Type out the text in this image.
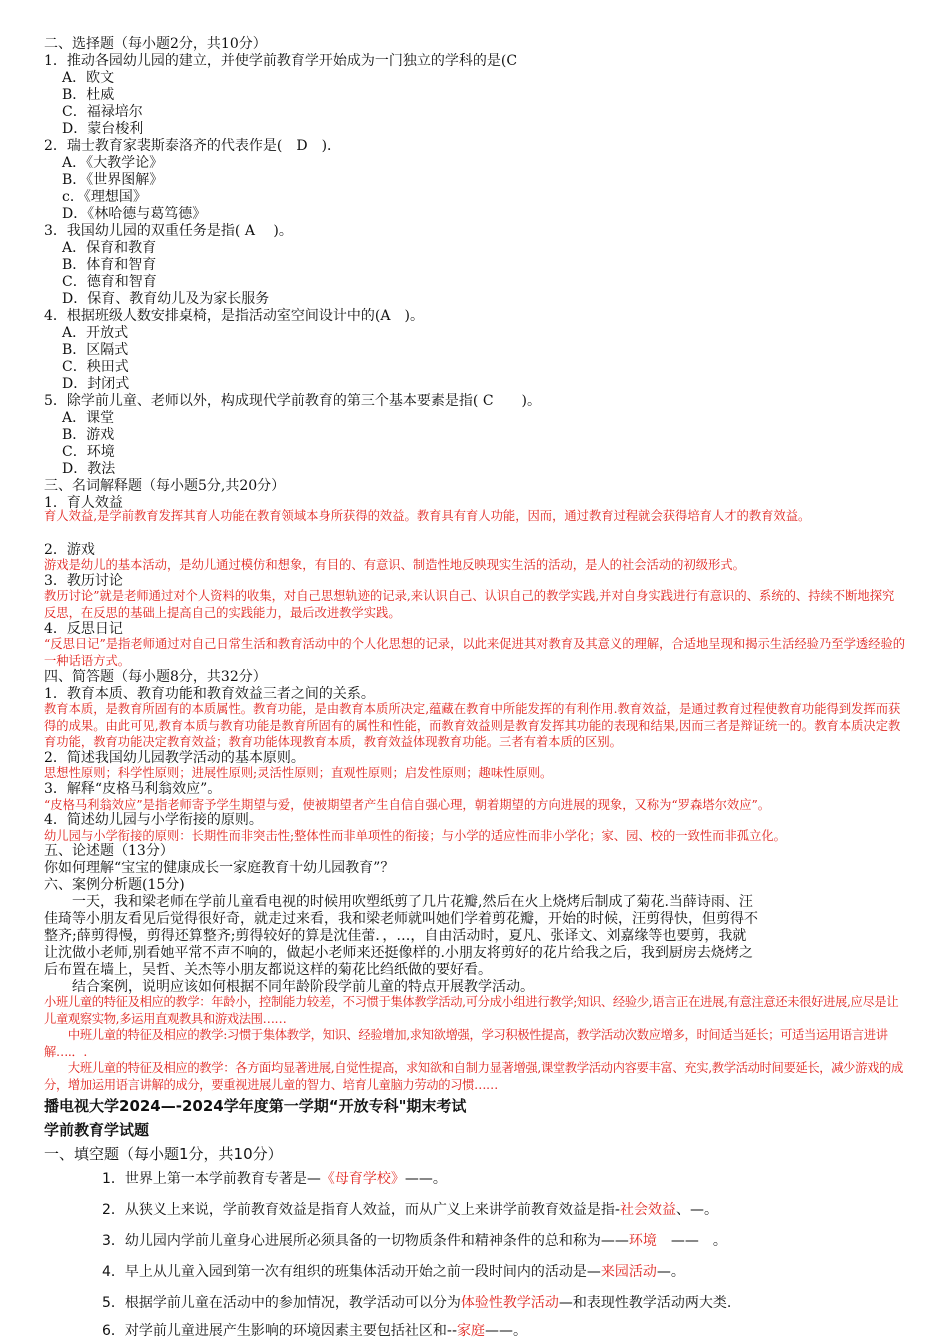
二、选择题（每小题2分，共10分）
1．推动各园幼儿园的建立，并使学前教育学开始成为一门独立的学科的是(C
A．欧文
B．杜威
C．福禄培尔
D．蒙台梭利
2．瑞士教育家裴斯泰洛齐的代表作是(　D　)．
A．《大教学论》
B．《世界图解》
c．《理想国》
D．《林哈德与葛笃德》
3．我国幼儿园的双重任务是指( A　 )。
A．保育和教育
B．体育和智育
C．德育和智育
D．保育、教育幼儿及为家长服务
4．根据班级人数安排桌椅，是指活动室空间设计中的(A　)。
A．开放式
B．区隔式
C．秧田式
D．封闭式
5．除学前儿童、老师以外，构成现代学前教育的第三个基本要素是指( C　　)。
A．课堂
B．游戏
C．环境
D．教法
三、名词解释题（每小题5分,共20分）
1．育人效益
育人效益,是学前教育发挥其育人功能在教育领域本身所获得的效益。教育具有育人功能，因而，通过教育过程就会获得培育人才的教育效益。
2．游戏
游戏是幼儿的基本活动，是幼儿通过模仿和想象，有目的、有意识、制造性地反映现实生活的活动，是人的社会活动的初级形式。
3．教历讨论
教历讨论”就是老师通过对个人资料的收集，对自己思想轨迹的记录,来认识自己、认识自己的教学实践,并对自身实践进行有意识的、系统的、持续不断地探究反思，在反思的基础上提高自己的实践能力，最后改进教学实践。
4．反思日记
“反思日记”是指老师通过对自己日常生活和教育活动中的个人化思想的记录，以此来促进其对教育及其意义的理解，合适地呈现和揭示生活经验乃至学透经验的一种话语方式。
四、简答题（每小题8分，共32分）
1．教育本质、教育功能和教育效益三者之间的关系。
教育本质，是教育所固有的本质属性。教育功能，是由教育本质所决定,蕴藏在教育中所能发挥的有利作用.教育效益，是通过教育过程使教育功能得到发挥而获得的成果。由此可见,教育本质与教育功能是教育所固有的属性和性能，而教育效益则是教育发挥其功能的表现和结果,因而三者是辩证统一的。教育本质决定教育功能，教育功能决定教育效益；教育功能体现教育本质，教育效益体现教育功能。三者有着本质的区别。
2．简述我国幼儿园教学活动的基本原则。
思想性原则；科学性原则；进展性原则;灵活性原则；直观性原则；启发性原则；趣味性原则。
3．解释“皮格马利翁效应”。
“皮格马利翁效应”是指老师寄予学生期望与爱，使被期望者产生自信自强心理，朝着期望的方向进展的现象，又称为“罗森塔尔效应”。
4．简述幼儿园与小学衔接的原则。
幼儿园与小学衔接的原则：长期性而非突击性;整体性而非单项性的衔接；与小学的适应性而非小学化；家、园、校的一致性而非孤立化。
五、论述题（13分）
你如何理解“宝宝的健康成长一家庭教育十幼儿园教育”？
六、案例分析题(15分)
　　一天，我和梁老师在学前儿童看电视的时候用吹塑纸剪了几片花瓣,然后在火上烧烤后制成了菊花.当薛诗雨、汪
佳琦等小朋友看见后觉得很好奇，就走过来看，我和梁老师就叫她们学着剪花瓣，开始的时候，汪剪得快，但剪得不
整齐;薛剪得慢，剪得还算整齐;剪得较好的算是沈佳蕾．，…，自由活动时，夏凡、张译文、刘嘉缘等也要剪，我就
让沈做小老师,别看她平常不声不响的，做起小老师来还挺像样的.小朋友将剪好的花片给我之后，我到厨房去烧烤之
后布置在墙上，吴哲、关杰等小朋友都说这样的菊花比绉纸做的要好看。
　　结合案例，说明应该如何根据不同年龄阶段学前儿童的特点开展教学活动。
小班儿童的特征及相应的教学：年龄小，控制能力较差，不习惯于集体教学活动,可分成小组进行教学;知识、经验少,语言正在进展,有意注意还未很好进展,应尽是让儿童观察实物,多运用直观教具和游戏法围……
　　中班儿童的特征及相应的教学:习惯于集体教学，知识、经验增加,求知欲增强，学习积极性提高，教学活动次数应增多，时间适当延长；可适当运用语言进讲解….．.
　　大班儿童的特征及相应的教学：各方面均显著进展,自觉性提高，求知欲和自制力显著增强,课堂教学活动内容要丰富、充实,教学活动时间要延长，减少游戏的成分，增加运用语言讲解的成分，要重视进展儿童的智力、培育儿童脑力劳动的习惯……
播电视大学2024—-2024学年度第一学期“开放专科"期末考试
学前教育学试题
一、填空题（每小题1分，共10分）
1．世界上第一本学前教育专著是—《母育学校》——。
2．从狭义上来说，学前教育效益是指育人效益，而从广义上来讲学前教育效益是指-社会效益、—。
3．幼儿园内学前儿童身心进展所必须具备的一切物质条件和精神条件的总和称为——环境　——　。
4．早上从儿童入园到第一次有组织的班集体活动开始之前一段时间内的活动是—来园活动—。
5．根据学前儿童在活动中的参加情况，教学活动可以分为体验性教学活动—和表现性教学活动两大类.
6．对学前儿童进展产生影响的环境因素主要包括社区和--家庭——。
